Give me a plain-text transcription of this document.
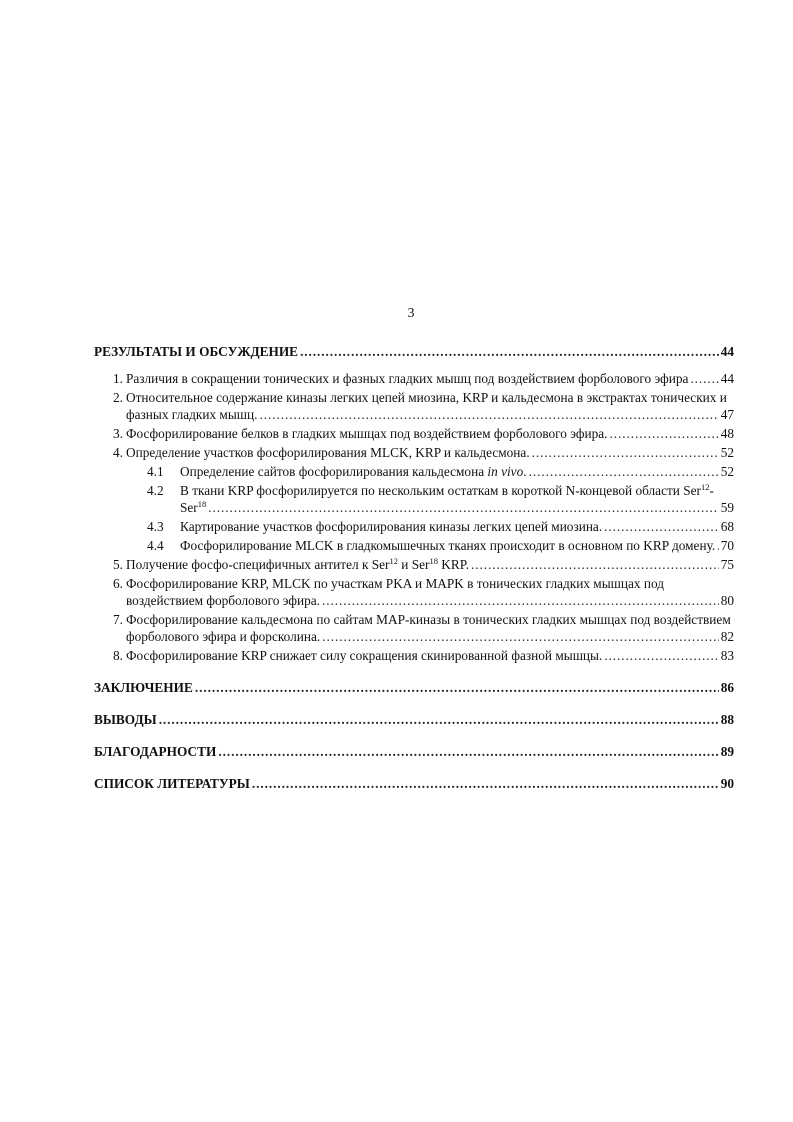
3
РЕЗУЛЬТАТЫ И ОБСУЖДЕНИЕ	44
1. Различия в сокращении тонических и фазных гладких мышц под воздействием форболового эфира 44
2. Относительное содержание киназы легких цепей миозина, KRP и кальдесмона в экстрактах тонических и фазных гладких мышц.	47
3. Фосфорилирование белков в гладких мышцах под воздействием форболового эфира.	48
4. Определение участков фосфорилирования MLCK, KRP и кальдесмона.	52
4.1 Определение сайтов фосфорилирования кальдесмона in vivo.	52
4.2 В ткани KRP фосфорилируется по нескольким остаткам в короткой N-концевой области Ser$^{12}$-Ser$^{18}$	59
4.3 Картирование участков фосфорилирования киназы легких цепей миозина.	68
4.4 Фосфорилирование MLCK в гладкомышечных тканях происходит в основном по KRP домену. 70
5. Получение фосфо-специфичных антител к Ser$^{12}$ и Ser$^{18}$ KRP.	75
6. Фосфорилирование KRP, MLCK по участкам PKA и MAPK в тонических гладких мышцах под воздействием форболового эфира.	80
7. Фосфорилирование кальдесмона по сайтам MAP-киназы в тонических гладких мышцах под воздействием форболового эфира и форсколина.	82
8. Фосфорилирование KRP снижает силу сокращения скинированной фазной мышцы.	83
ЗАКЛЮЧЕНИЕ	86
ВЫВОДЫ	88
БЛАГОДАРНОСТИ	89
СПИСОК ЛИТЕРАТУРЫ	90
